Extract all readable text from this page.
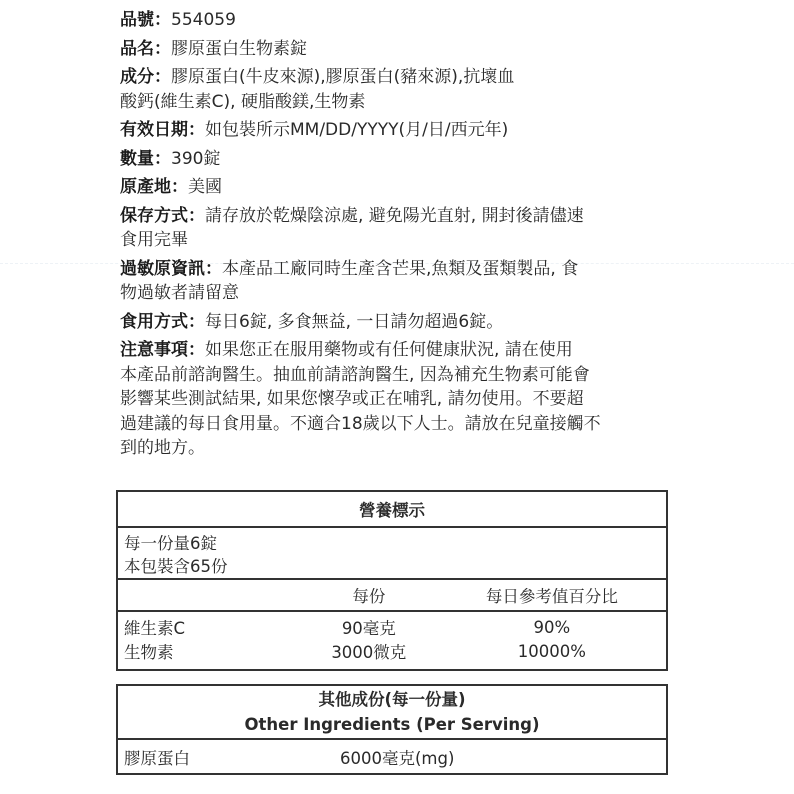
品號：554059
品名：膠原蛋白生物素錠
成分：膠原蛋白(牛皮來源),膠原蛋白(豬來源),抗壞血
酸鈣(維生素C), 硬脂酸鎂,生物素
有效日期：如包裝所示MM/DD/YYYY(月/日/西元年)
數量：390錠
原產地：美國
保存方式：請存放於乾燥陰涼處, 避免陽光直射, 開封後請儘速
食用完畢
過敏原資訊：本產品工廠同時生產含芒果,魚類及蛋類製品, 食
物過敏者請留意
食用方式：每日6錠, 多食無益, 一日請勿超過6錠。
注意事項：如果您正在服用藥物或有任何健康狀況, 請在使用
本產品前諮詢醫生。抽血前請諮詢醫生, 因為補充生物素可能會
影響某些測試結果, 如果您懷孕或正在哺乳, 請勿使用。不要超
過建議的每日食用量。不適合18歲以下人士。請放在兒童接觸不
到的地方。
營養標示		

每一份量6錠
本包裝含65份		

	每份	每日參考值百分比
維生素C	90毫克	90%
生物素	3000微克	10000%
其他成份(每一份量)
Other Ingredients (Per Serving)

膠原蛋白	6000毫克(mg)
